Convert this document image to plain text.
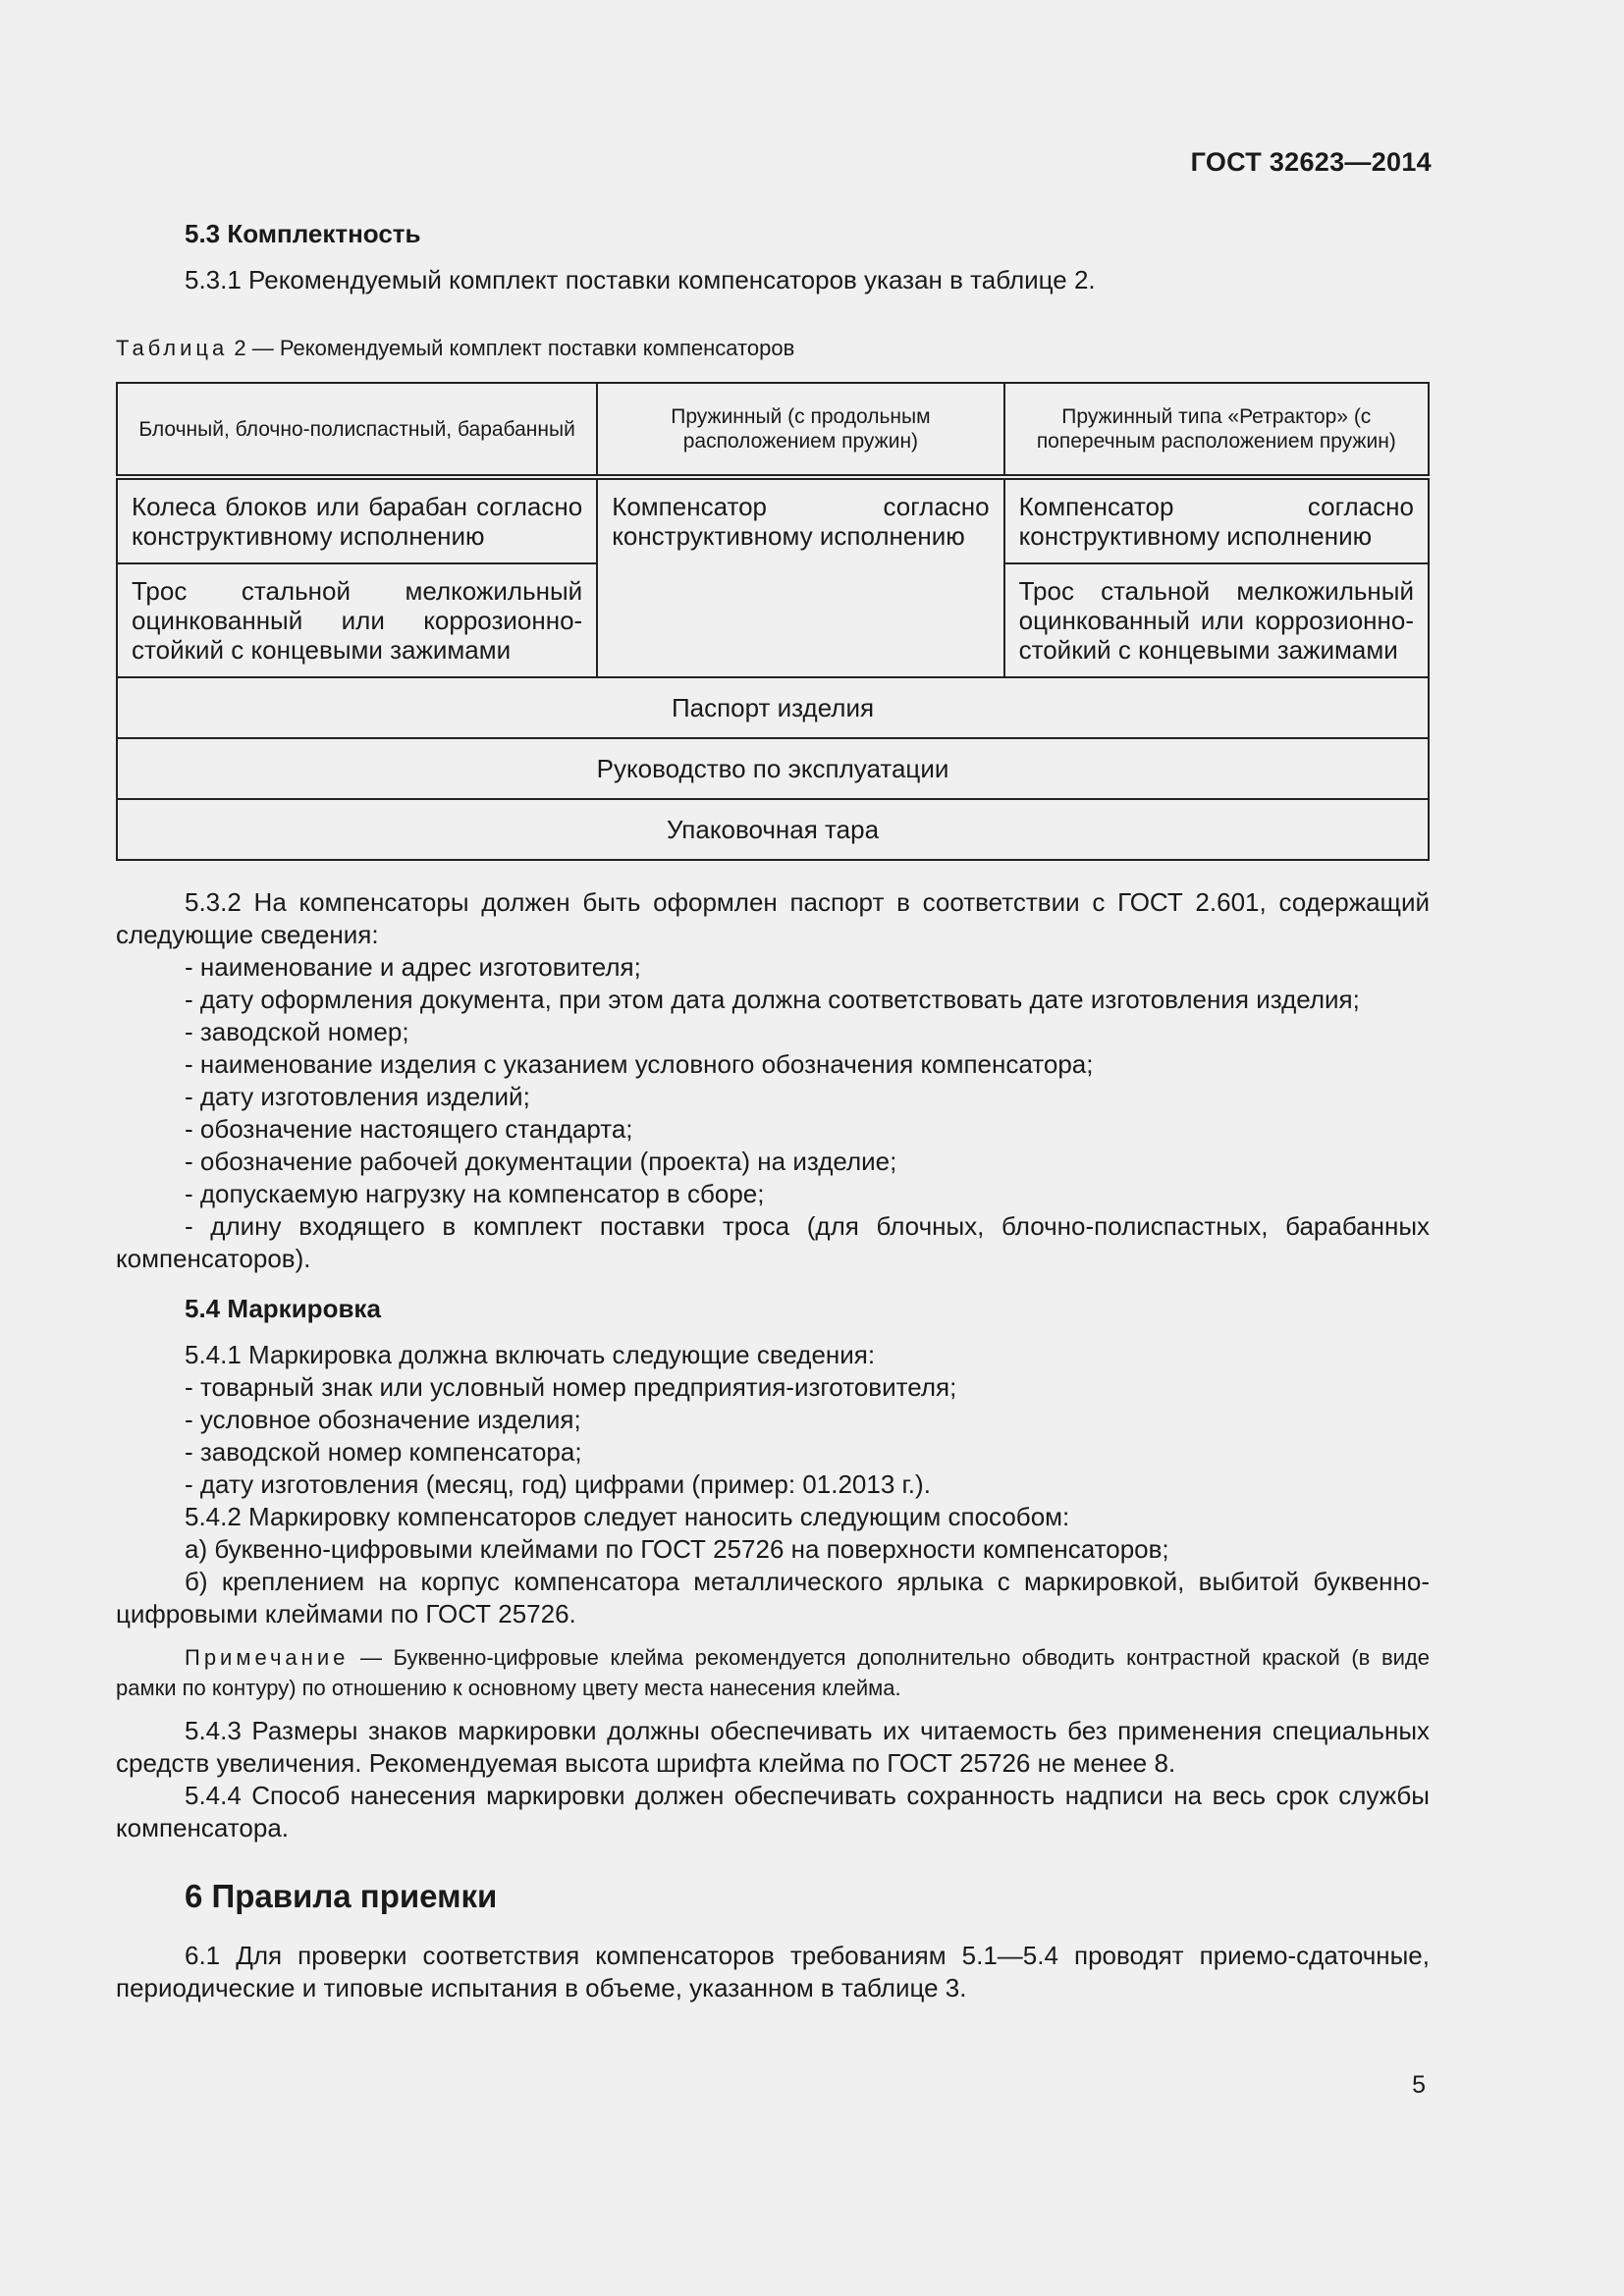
ГОСТ 32623—2014

5.3 Комплектность

5.3.1 Рекомендуемый комплект поставки компенсаторов указан в таблице 2.

Таблица 2 — Рекомендуемый комплект поставки компенсаторов

Блочный, блочно-полиспастный, барабанный	Пружинный (с продольным расположением пружин)	Пружинный типа «Ретрактор» (с поперечным расположением пружин)
Колеса блоков или барабан согласно конструктивному исполнению	Компенсатор согласно конструктивному исполнению	Компенсатор согласно конструктивному исполнению
Трос стальной мелкожильный оцинкованный или коррозионно-стойкий с концевыми зажимами		Трос стальной мелкожильный оцинкованный или коррозионно-стойкий с концевыми зажимами
Паспорт изделия		
Руководство по эксплуатации		
Упаковочная тара		

5.3.2 На компенсаторы должен быть оформлен паспорт в соответствии с ГОСТ 2.601, содержащий следующие сведения:

- наименование и адрес изготовителя;

- дату оформления документа, при этом дата должна соответствовать дате изготовления изделия;

- заводской номер;

- наименование изделия с указанием условного обозначения компенсатора;

- дату изготовления изделий;

- обозначение настоящего стандарта;

- обозначение рабочей документации (проекта) на изделие;

- допускаемую нагрузку на компенсатор в сборе;

- длину входящего в комплект поставки троса (для блочных, блочно-полиспастных, барабанных компенсаторов).

5.4 Маркировка

5.4.1 Маркировка должна включать следующие сведения:

- товарный знак или условный номер предприятия-изготовителя;

- условное обозначение изделия;

- заводской номер компенсатора;

- дату изготовления (месяц, год) цифрами (пример: 01.2013 г.).

5.4.2 Маркировку компенсаторов следует наносить следующим способом:

а) буквенно-цифровыми клеймами по ГОСТ 25726 на поверхности компенсаторов;

б) креплением на корпус компенсатора металлического ярлыка с маркировкой, выбитой буквенно-цифровыми клеймами по ГОСТ 25726.

Примечание — Буквенно-цифровые клейма рекомендуется дополнительно обводить контрастной краской (в виде рамки по контуру) по отношению к основному цвету места нанесения клейма.

5.4.3 Размеры знаков маркировки должны обеспечивать их читаемость без применения специальных средств увеличения. Рекомендуемая высота шрифта клейма по ГОСТ 25726 не менее 8.

5.4.4 Способ нанесения маркировки должен обеспечивать сохранность надписи на весь срок службы компенсатора.

6 Правила приемки

6.1 Для проверки соответствия компенсаторов требованиям 5.1—5.4 проводят приемо-сдаточные, периодические и типовые испытания в объеме, указанном в таблице 3.

5
